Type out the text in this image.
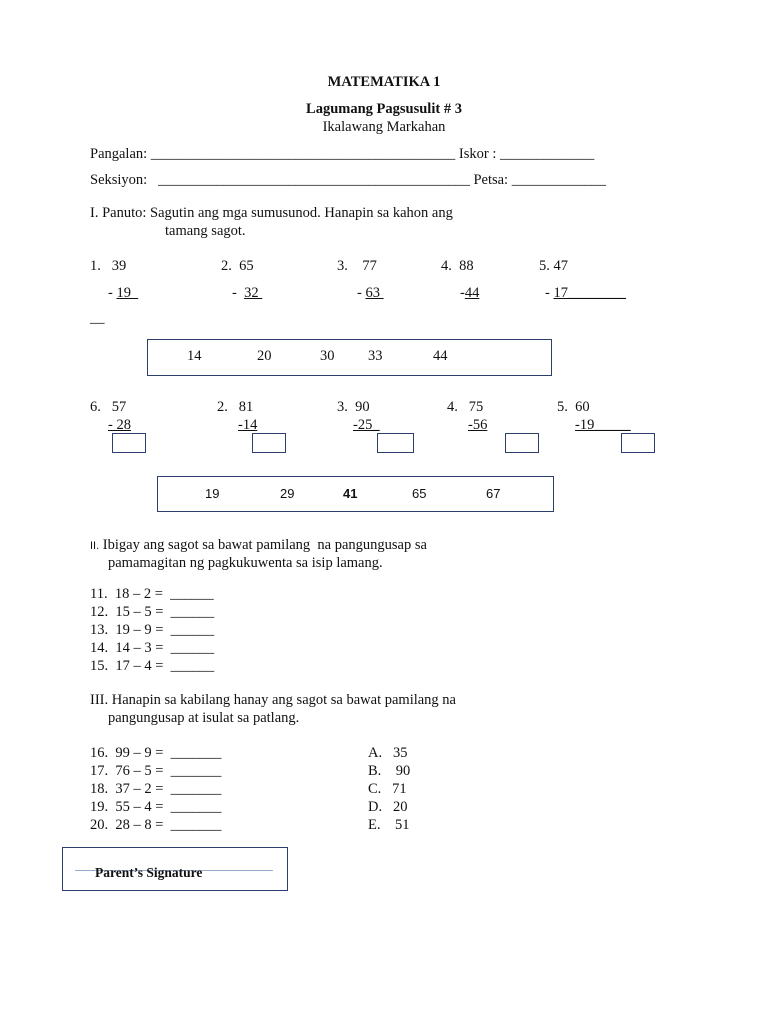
MATEMATIKA 1
Lagumang Pagsusulit # 3
Ikalawang Markahan
Pangalan: __________________________________________ Iskor : _____________
Seksiyon:   ___________________________________________ Petsa: _____________
I. Panuto: Sagutin ang mga sumusunod. Hanapin sa kahon ang
tamang sagot.
1.   39	2.  65	3.    77	4.  88	5. 47
- 19	-  32	- 63	-44	- 17________
__
14	20	30 33	44
6.   57	2.   81	3.  90	4.   75	5.  60
- 28	-14	-25_	-56	-19_____
19	29	41	65	67
II. Ibigay ang sagot sa bawat pamilang  na pangungusap sa
pamamagitan ng pagkukuwenta sa isip lamang.
11.  18 – 2 =  ______
12.  15 – 5 =  ______
13.  19 – 9 =  ______
14.  14 – 3 =  ______
15.  17 – 4 =  ______
III. Hanapin sa kabilang hanay ang sagot sa bawat pamilang na
pangungusap at isulat sa patlang.
16.  99 – 9 =  _______
17.  76 – 5 =  _______
18.  37 – 2 =  _______
19.  55 – 4 =  _______
20.  28 – 8 =  _______
A.   35
B.    90
C.   71
D.   20
E.    51
Parent’s Signature
